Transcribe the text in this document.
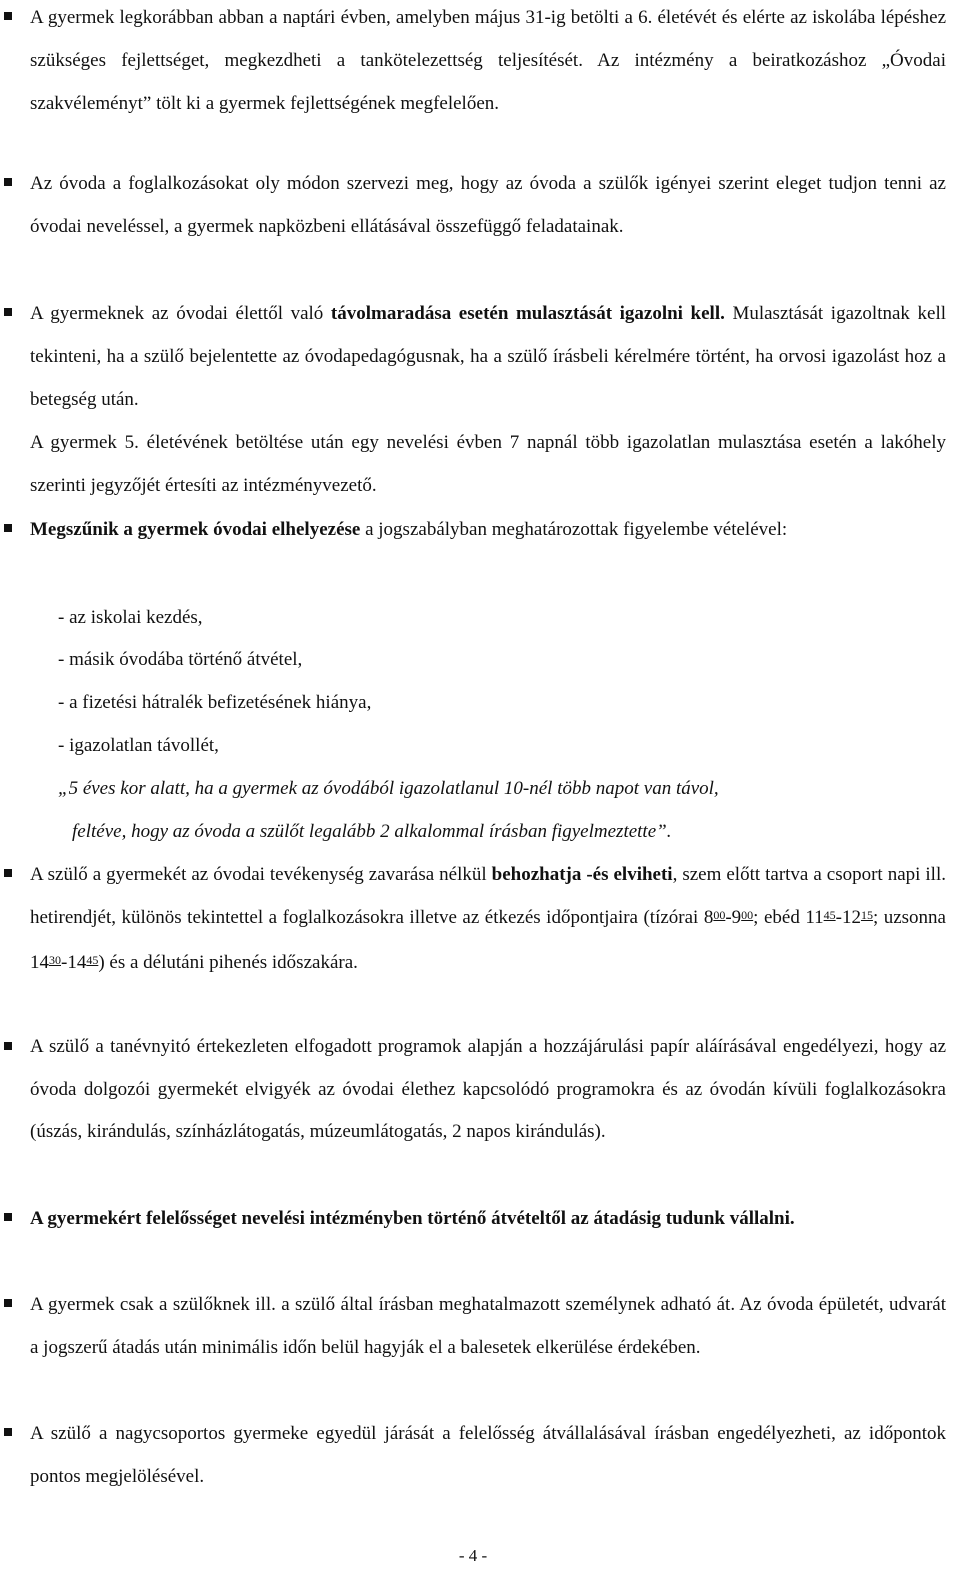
A gyermek legkorábban abban a naptári évben, amelyben május 31-ig betölti a 6. életévét és elérte az iskolába lépéshez szükséges fejlettséget, megkezdheti a tankötelezettség teljesítését. Az intézmény a beiratkozáshoz „Óvodai szakvéleményt” tölt ki a gyermek fejlettségének megfelelően.

Az óvoda a foglalkozásokat oly módon szervezi meg, hogy az óvoda a szülők igényei szerint eleget tudjon tenni az óvodai neveléssel, a gyermek napközbeni ellátásával összefüggő feladatainak.

A gyermeknek az óvodai élettől való távolmaradása esetén mulasztását igazolni kell. Mulasztását igazoltnak kell tekinteni, ha a szülő bejelentette az óvodapedagógusnak, ha a szülő írásbeli kérelmére történt, ha orvosi igazolást hoz a betegség után.

A gyermek 5. életévének betöltése után egy nevelési évben 7 napnál több igazolatlan mulasztása esetén a lakóhely szerinti jegyzőjét értesíti az intézményvezető.

Megszűnik a gyermek óvodai elhelyezése a jogszabályban meghatározottak figyelembe vételével:

- az iskolai kezdés,

- másik óvodába történő átvétel,

- a fizetési hátralék befizetésének hiánya,

- igazolatlan távollét,

„5 éves kor alatt, ha a gyermek az óvodából igazolatlanul 10-nél több napot van távol,

feltéve, hogy az óvoda a szülőt legalább 2 alkalommal írásban figyelmeztette”.

A szülő a gyermekét az óvodai tevékenység zavarása nélkül behozhatja -és elviheti, szem előtt tartva a csoport napi ill. hetirendjét, különös tekintettel a foglalkozásokra illetve az étkezés időpontjaira (tízórai $8^{00}-9^{00}$; ebéd $11^{45}-12^{15}$; uzsonna $14^{30}-14^{45}$) és a délutáni pihenés időszakára.

A szülő a tanévnyitó értekezleten elfogadott programok alapján a hozzájárulási papír aláírásával engedélyezi, hogy az óvoda dolgozói gyermekét elvigyék az óvodai élethez kapcsolódó programokra és az óvodán kívüli foglalkozásokra (úszás, kirándulás, színházlátogatás, múzeumlátogatás, 2 napos kirándulás).

A gyermekért felelősséget nevelési intézményben történő átvételtől az átadásig tudunk vállalni.

A gyermek csak a szülőknek ill. a szülő által írásban meghatalmazott személynek adható át. Az óvoda épületét, udvarát a jogszerű átadás után minimális időn belül hagyják el a balesetek elkerülése érdekében.

A szülő a nagycsoportos gyermeke egyedül járását a felelősség átvállalásával írásban engedélyezheti, az időpontok pontos megjelölésével.

- 4 -
